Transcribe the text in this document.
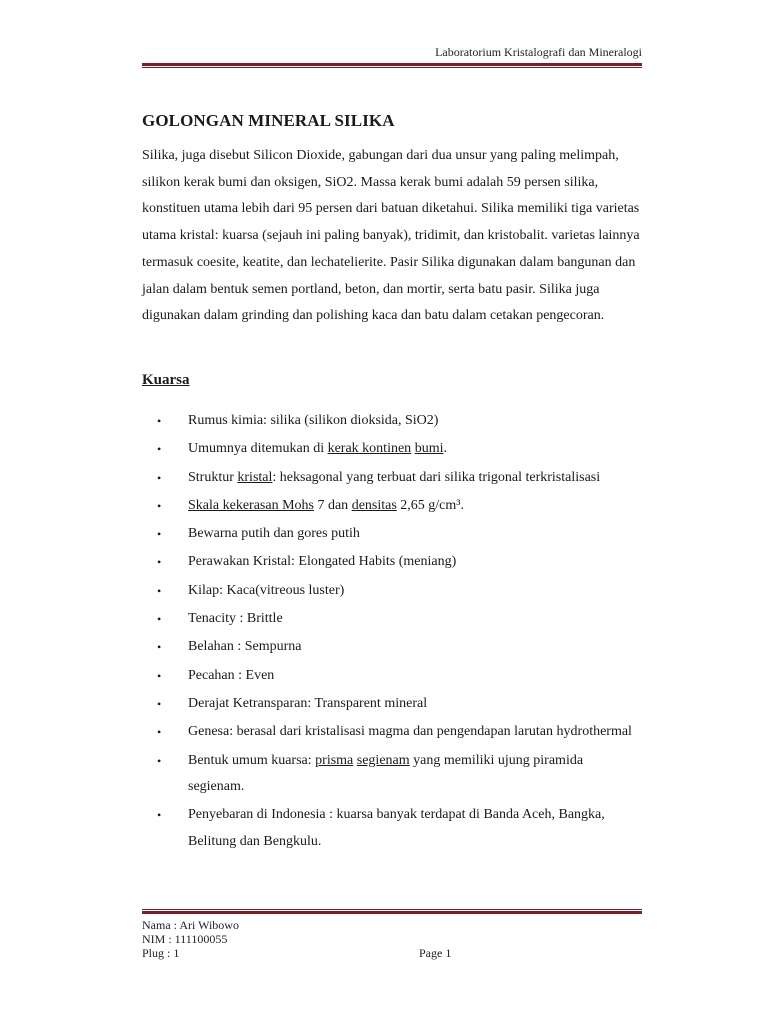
Laboratorium Kristalografi dan Mineralogi
GOLONGAN MINERAL SILIKA

Silika, juga disebut Silicon Dioxide, gabungan dari dua unsur yang paling melimpah, silikon kerak bumi dan oksigen, SiO2. Massa kerak bumi adalah 59 persen silika, konstituen utama lebih dari 95 persen dari batuan diketahui. Silika memiliki tiga varietas utama kristal: kuarsa (sejauh ini paling banyak), tridimit, dan kristobalit. varietas lainnya termasuk coesite, keatite, dan lechatelierite. Pasir Silika digunakan dalam bangunan dan jalan dalam bentuk semen portland, beton, dan mortir, serta batu pasir. Silika juga digunakan dalam grinding dan polishing kaca dan batu dalam cetakan pengecoran.

Kuarsa
• Rumus kimia: silika (silikon dioksida, SiO2)
• Umumnya ditemukan di kerak kontinen bumi.
• Struktur kristal: heksagonal yang terbuat dari silika trigonal terkristalisasi
• Skala kekerasan Mohs 7 dan densitas 2,65 g/cm³.
• Bewarna putih dan gores putih
• Perawakan Kristal: Elongated Habits (meniang)
• Kilap: Kaca(vitreous luster)
• Tenacity : Brittle
• Belahan : Sempurna
• Pecahan : Even
• Derajat Ketransparan: Transparent mineral
• Genesa: berasal dari kristalisasi magma dan pengendapan larutan hydrothermal
• Bentuk umum kuarsa: prisma segienam yang memiliki ujung piramida segienam.
• Penyebaran di Indonesia : kuarsa banyak terdapat di Banda Aceh, Bangka, Belitung dan Bengkulu.
Nama : Ari Wibowo
NIM : 111100055
Plug : 1	Page 1
